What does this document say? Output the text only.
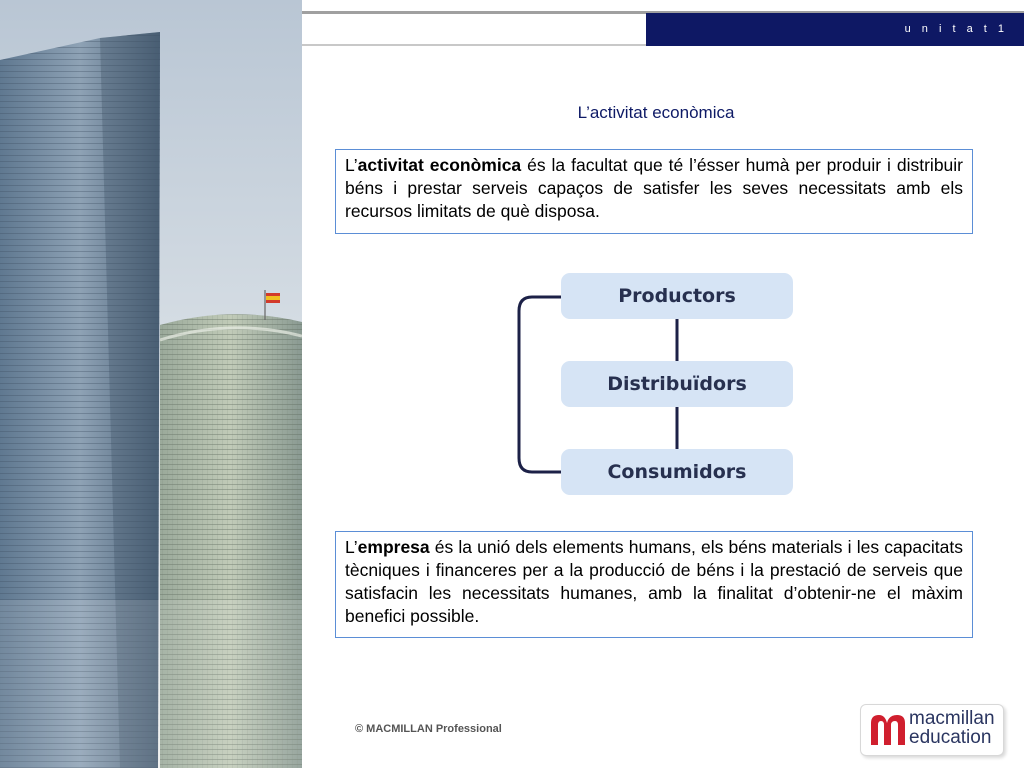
u n i t a t 1
L’activitat econòmica
L’activitat econòmica és la facultat que té l’ésser humà per produir i distribuir béns i prestar serveis capaços de satisfer les seves necessitats amb els recursos limitats de què disposa.
Productors
Distribuïdors
Consumidors
L’empresa és la unió dels elements humans, els béns materials i les capacitats tècniques i financeres per a la producció de béns i la prestació de serveis que satisfacin les necessitats humanes, amb la finalitat d’obtenir-ne el màxim benefici possible.
© MACMILLAN Professional	macmillan
education
